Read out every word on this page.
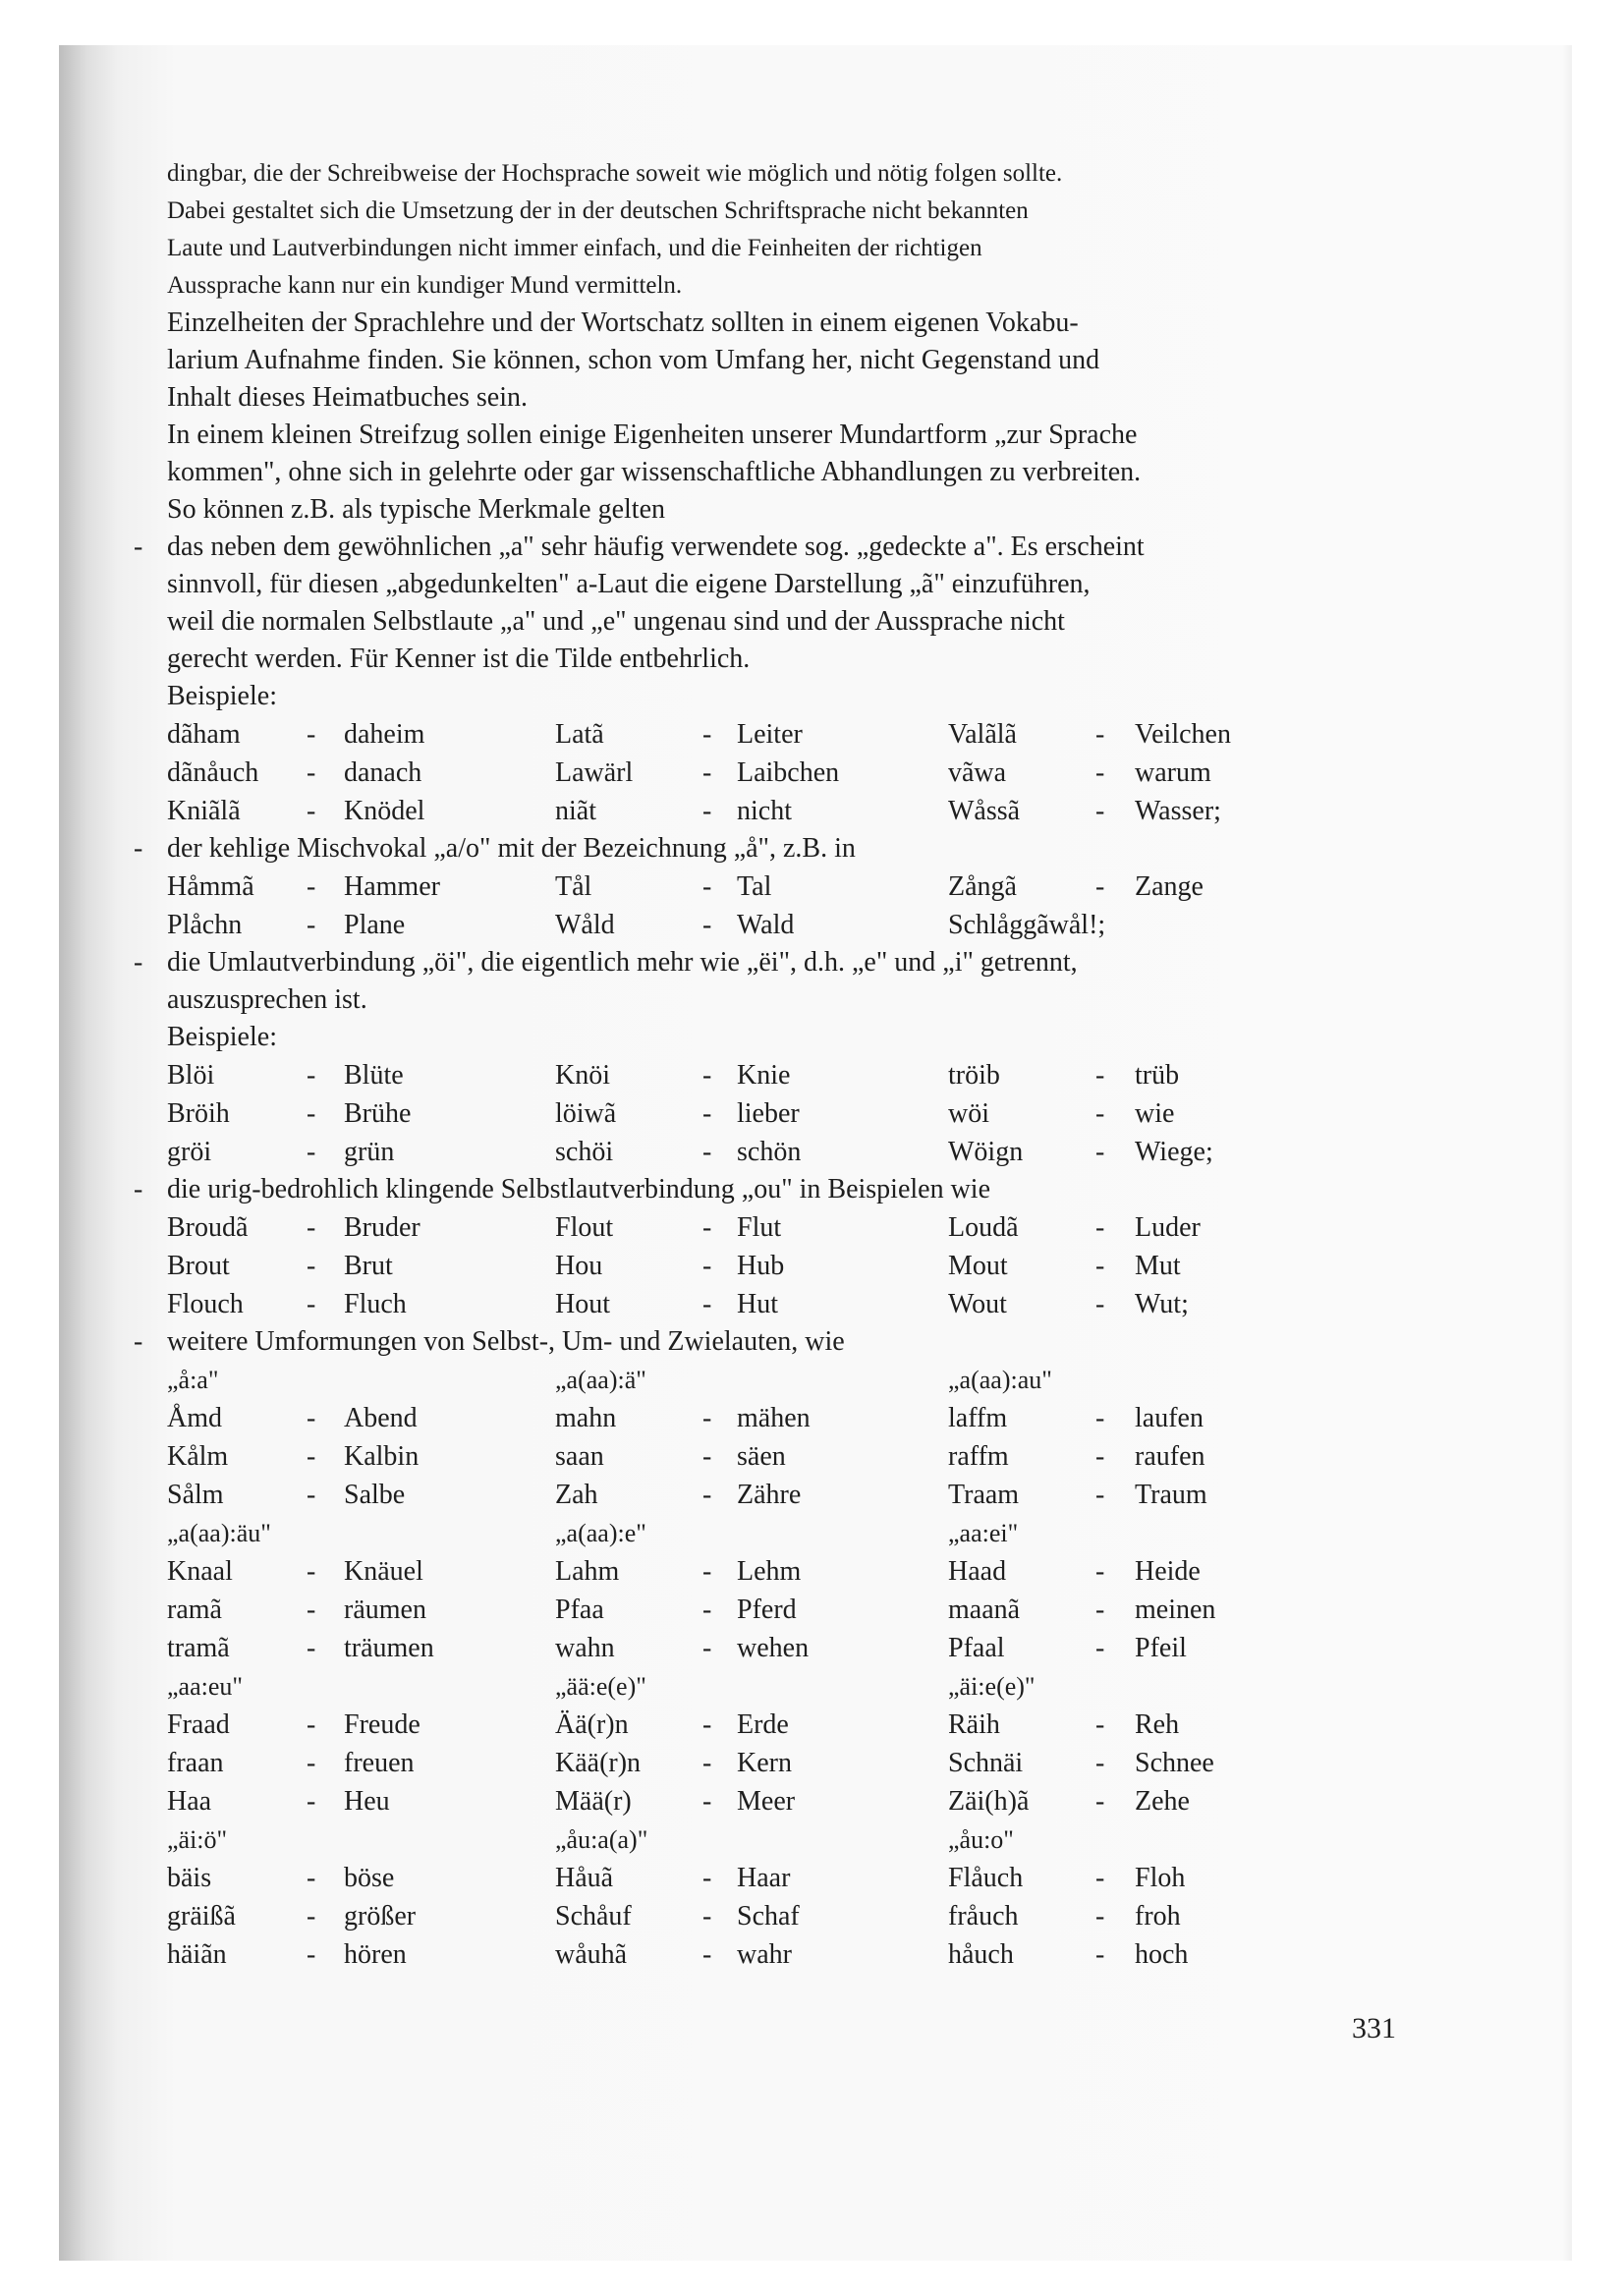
dingbar, die der Schreibweise der Hochsprache soweit wie möglich und nötig folgen sollte.
Dabei gestaltet sich die Umsetzung der in der deutschen Schriftsprache nicht bekannten
Laute und Lautverbindungen nicht immer einfach, und die Feinheiten der richtigen
Aussprache kann nur ein kundiger Mund vermitteln.
Einzelheiten der Sprachlehre und der Wortschatz sollten in einem eigenen Vokabu-
larium Aufnahme finden. Sie können, schon vom Umfang her, nicht Gegenstand und
Inhalt dieses Heimatbuches sein.
In einem kleinen Streifzug sollen einige Eigenheiten unserer Mundartform „zur Sprache
kommen", ohne sich in gelehrte oder gar wissenschaftliche Abhandlungen zu verbreiten.
So können z.B. als typische Merkmale gelten
- das neben dem gewöhnlichen „a" sehr häufig verwendete sog. „gedeckte a". Es erscheint
sinnvoll, für diesen „abgedunkelten" a-Laut die eigene Darstellung „ã" einzuführen,
weil die normalen Selbstlaute „a" und „e" ungenau sind und der Aussprache nicht
gerecht werden. Für Kenner ist die Tilde entbehrlich.
Beispiele:
dãham - daheim	Latã	- Leiter	Valãlã	- Veilchen
dãnåuch - danach	Lawärl	- Laibchen	vãwa	- warum
Kniãlã - Knödel	niãt	- nicht	Wåssã	- Wasser;
- der kehlige Mischvokal „a/o" mit der Bezeichnung „å", z.B. in
Håmmã - Hammer	Tål	- Tal	Zångã	- Zange
Plåchn - Plane	Wåld	- Wald	Schlåggãwål!;
- die Umlautverbindung „öi", die eigentlich mehr wie „ëi", d.h. „e" und „i" getrennt,
auszusprechen ist.
Beispiele:
Blöi	- Blüte	Knöi	- Knie	tröib	- trüb
Bröih	- Brühe	löiwã	- lieber	wöi	- wie
gröi	- grün	schöi	- schön	Wöign	- Wiege;
- die urig-bedrohlich klingende Selbstlautverbindung „ou" in Beispielen wie
Broudã - Bruder	Flout	- Flut	Loudã	- Luder
Brout	- Brut	Hou	- Hub	Mout	- Mut
Flouch - Fluch	Hout	- Hut	Wout	- Wut;
- weitere Umformungen von Selbst-, Um- und Zwielauten, wie
„å:a"	„a(aa):ä"	„a(aa):au"
Åmd	- Abend	mahn	- mähen	laffm	- laufen
Kålm	- Kalbin	saan	- säen	raffm	- raufen
Sålm	- Salbe	Zah	- Zähre	Traam	- Traum
„a(aa):äu"	„a(aa):e"	„aa:ei"
Knaal	- Knäuel	Lahm	- Lehm	Haad	- Heide
ramã	- räumen	Pfaa	- Pferd	maanã	- meinen
tramã	- träumen	wahn	- wehen	Pfaal	- Pfeil
„aa:eu"	„ää:e(e)"	„äi:e(e)"
Fraad	- Freude	Ää(r)n	- Erde	Räih	- Reh
fraan	- freuen	Kää(r)n - Kern	Schnäi	- Schnee
Haa	- Heu	Mää(r)	- Meer	Zäi(h)ã - Zehe
„äi:ö"	„åu:a(a)"	„åu:o"
bäis	- böse	Håuã	- Haar	Flåuch	- Floh
gräißã	- größer	Schåuf	- Schaf	fråuch	- froh
häiãn	- hören	wåuhã	- wahr	håuch	- hoch
331
